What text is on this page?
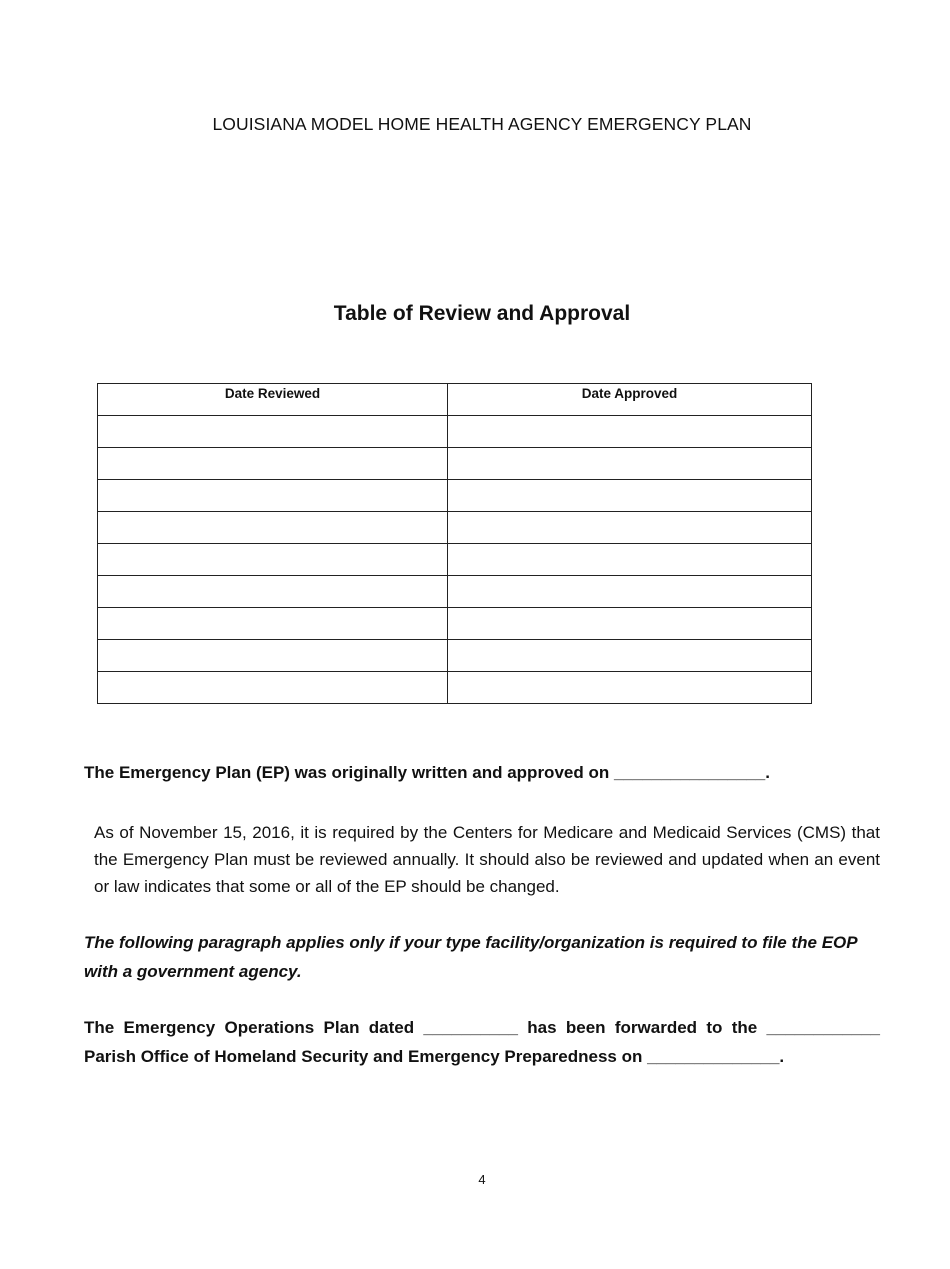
LOUISIANA MODEL HOME HEALTH AGENCY EMERGENCY PLAN
Table of Review and Approval
Date Reviewed	Date Approved

The Emergency Plan (EP) was originally written and approved on ________________.
As of November 15, 2016, it is required by the Centers for Medicare and Medicaid Services (CMS) that the Emergency Plan must be reviewed annually. It should also be reviewed and updated when an event or law indicates that some or all of the EP should be changed.
The following paragraph applies only if your type facility/organization is required to file the EOP with a government agency.
The Emergency Operations Plan dated __________ has been forwarded to the ____________ Parish Office of Homeland Security and Emergency Preparedness on ______________.
4
